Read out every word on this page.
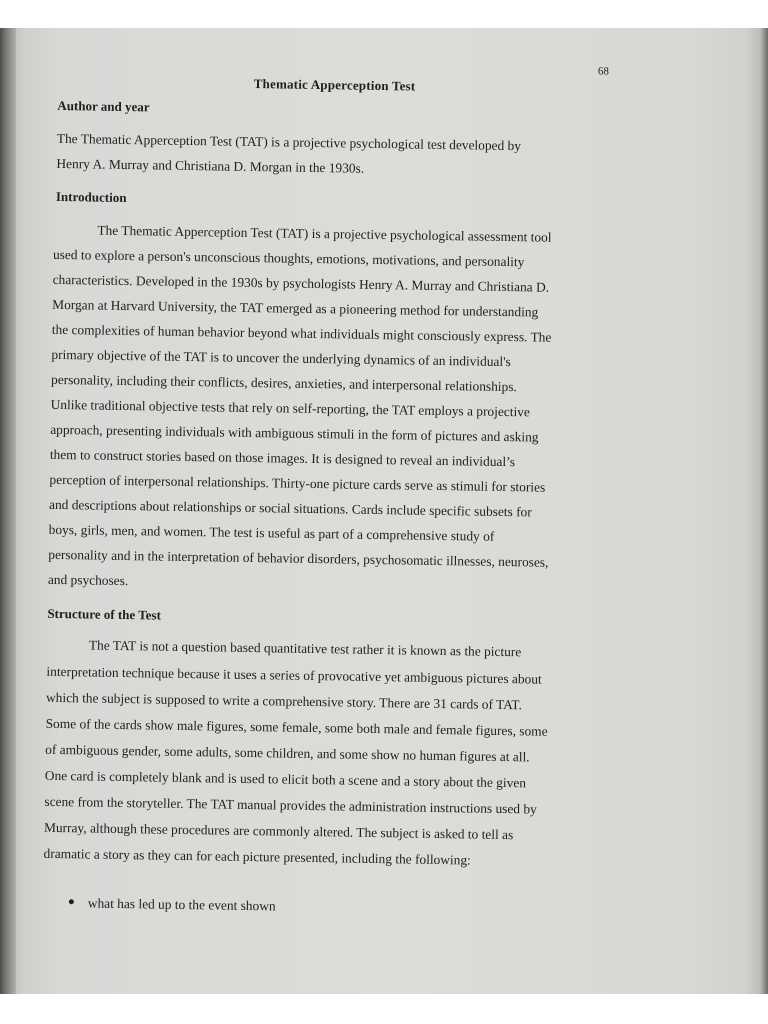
68
Thematic Apperception Test
Author and year
The Thematic Apperception Test (TAT) is a projective psychological test developed by
Henry A. Murray and Christiana D. Morgan in the 1930s.
Introduction
The Thematic Apperception Test (TAT) is a projective psychological assessment tool
used to explore a person's unconscious thoughts, emotions, motivations, and personality
characteristics. Developed in the 1930s by psychologists Henry A. Murray and Christiana D.
Morgan at Harvard University, the TAT emerged as a pioneering method for understanding
the complexities of human behavior beyond what individuals might consciously express. The
primary objective of the TAT is to uncover the underlying dynamics of an individual's
personality, including their conflicts, desires, anxieties, and interpersonal relationships.
Unlike traditional objective tests that rely on self-reporting, the TAT employs a projective
approach, presenting individuals with ambiguous stimuli in the form of pictures and asking
them to construct stories based on those images. It is designed to reveal an individual’s
perception of interpersonal relationships. Thirty-one picture cards serve as stimuli for stories
and descriptions about relationships or social situations. Cards include specific subsets for
boys, girls, men, and women. The test is useful as part of a comprehensive study of
personality and in the interpretation of behavior disorders, psychosomatic illnesses, neuroses,
and psychoses.
Structure of the Test
The TAT is not a question based quantitative test rather it is known as the picture
interpretation technique because it uses a series of provocative yet ambiguous pictures about
which the subject is supposed to write a comprehensive story. There are 31 cards of TAT.
Some of the cards show male figures, some female, some both male and female figures, some
of ambiguous gender, some adults, some children, and some show no human figures at all.
One card is completely blank and is used to elicit both a scene and a story about the given
scene from the storyteller. The TAT manual provides the administration instructions used by
Murray, although these procedures are commonly altered. The subject is asked to tell as
dramatic a story as they can for each picture presented, including the following:
what has led up to the event shown
